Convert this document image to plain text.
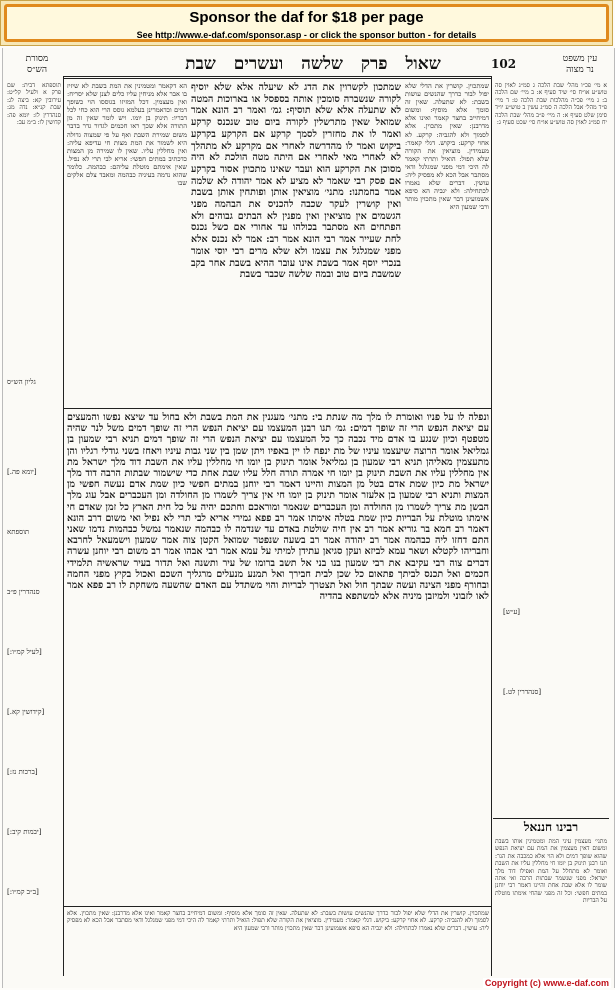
Sponsor the daf for $18 per page
See http://www.e-daf.com/sponsor.asp - or click the sponsor button - for details
מסורת הש״ס	שאול פרק שלשה ועשרים שבת	102	עין משפט
נר מצוה
א מי׳ פכ״ו מהל׳ שבת הלכה ג סמ״ג לאוין סה טוש״ע או״ח סי׳ שיד סעיף א: ב מיי׳ שם הלכה ב: ג מיי׳ פכ״ה מהלכות שבת הלכה ט: ד מיי׳ פ״ד מהל׳ אבל הלכה ה סמ״ג עשין ב טוש״ע יו״ד סימן שלט סעיף א: ה מיי׳ פ״ב מהל׳ שבת הלכה יח סמ״ג לאוין סה טוש״ע או״ח סי׳ שכט סעיף ג:
תוספתא דבית: שם פרק א ולעיל קל״ט: עירובין קא: ביצה לג: שבת קנ״א: נדה מג: סנהדרין לז: יומא פה: קדושין לו: ב״מ עב:
גליון הש״ס
[יומא פה.]
תוספתא
סנהדרין פ״ב
[לעיל קמ״ו:]
[קידושין קא.]
[ברכות נז:]
[יבמות קיב:]
[ב״ב קמ״ו:]
[ע״ש]
[סנהדרין לט.]
הא דקאמר ומטמינין את המת בשבת לא שיזיז בו אבר אלא מניחין עליו כלים לצנן שלא יסריח: ואין מעצמין. דכל המזיזו בגוססו הוי כשופך דמים וכדאמרינן בעלמא גוסס הרי הוא כחי לכל דבריו: תינוק בן יומו. ויש לומר שאין זה מן התורה אלא שכך ראו חכמים לגדור גדר בדבר משום שמירת השבת ואף על פי שמצוה גדולה היא לשמור את המת מצות חי עדיפא עליה: ואין מחללין עליו. שאין לו שמירה מן המצות כדכתיב במתים חפשי: אריא לבי תרי לא נפיל. שאין אימתם מוטלת עליהם: כבהמה. כלומר שהוא נדמה בעיניה כבהמה ומאבד צלם אלקים שבו
שמתכון לקשרוין את הדג לא שיעלה אלא שלא יוסיף לקורה שנשברה סומכין אותה בספסל או בארוכות המטה לא שתעלה אלא שלא תוסיף: גמ׳ ואמר רב הונא אמר שמואל שאין מתרשלין לקורה ביום טוב שנכנס קרקע ואמר לו את מחזרין לסמך קרקע אם הקרקע בקרקע ביקוש ואמר לו מהדרשה לאחרי אם מקרקע לא מתהלך לא לאחרי מאי לאחרי אם היתה מטה הולכת לא היה מסוכן את הקרקע הוא ועבר שאינו מתכוין אסור בקרקע אם פסק רבי שאמר לא מציע לא אמר יהודה לא שלמה אמר בחמתנו: מתני׳ מוציאין אותן ופותחין אותן בשבת ואין קושרין לעקר שכבה להכניס את הבהמה מפני הגשמים אין מוציאין ואין מפנין לא הבתים גבוהים ולא הפתחים הא מסתבר בכולהו עד אחורי אם כשל נכנס לחת שעייר אמר רבי הונא אמר רב: אמר לא נכנס אלא מפני שמגלגל את עצמו ולא שלא מרים רבי יוסי אומר בנכרי יוסף אמר בשבת אינו עובר ההיא בשבת אחר בקב שמשבת ביום טוב ובמה שלשה שכבר בשבת
שמתכוין. קושרין את הדלי שלא יפול לבור כדרך שהנשים עושות בשבת: לא שתעלה. שאין זה סומך אלא מוסיף: ומשום דמיחייב בחצר קאמר ואינו אלא מדרבנן: שאין מתכוין. אלא לסמוך ולא להגביה: קרקע. לא אחוי קרקע: ביקוש. דגלי קאמר: מעמידין. מוציאין את הקורה שלא תפול: הואיל ותרתי קאמר לה היכי דמי מפני שמגלגל ודאי מסתבר אבל הכא לא מפסיק ליה: עושין. דברים שלא נאמרו לכתחילה: ולא יגביה הא סיפא אשמועינן דבר שאין מתכוין מותר ורבי שמעון היא
ונפלה לו על פניו ואומרת לו מלך מה שנתת בי: מתני׳ מעגנין את המת בשבת ולא בחול עד שיצא נפשו והמעצים עם יציאת הנפש הרי זה שופך דמים: גמ׳ תנו רבנן המעצמו עם יציאת הנפש הרי זה שופך דמים משל לנר שהיה מטפטף וכיון שנגע בו אדם מיד נכבה כך כל המעצמו עם יציאת הנפש הרי זה שופך דמים תניא רבי שמעון בן גמליאל אומר הרוצה שיעצמו עיניו של מת ינפח לו יין באפיו ויתן שמן בין שני גבות עיניו ויאחז בשני גודלי רגליו והן מתעצמין מאליהן תניא רבי שמעון בן גמליאל אומר תינוק בן יומו חי מחללין עליו את השבת דוד מלך ישראל מת אין מחללין עליו את השבת תינוק בן יומו חי אמרה תורה חלל עליו שבת אחת כדי שישמור שבתות הרבה דוד מלך ישראל מת כיון שמת אדם בטל מן המצות והיינו דאמר רבי יוחנן במתים חפשי כיון שמת אדם נעשה חפשי מן המצות ותניא רבי שמעון בן אלעזר אומר תינוק בן יומו חי אין צריך לשמרו מן החולדה ומן העכברים אבל עוג מלך הבשן מת צריך לשמרו מן החולדה ומן העכברים שנאמר ומוראכם וחתכם יהיה על כל חית הארץ כל זמן שאדם חי אימתו מוטלת על הבריות כיון שמת בטלה אימתו אמר רב פפא גמירי אריא לבי תרי לא נפיל ואי משום דרב הונא דאמר רב חמא בר גוריא אמר רב אין חיה שולטת באדם עד שנדמה לו כבהמה שנאמר נמשל כבהמות נדמו שאני התם דחזו ליה כבהמה אמר רב יהודה אמר רב בשעה שנפטר שמואל הקטן צוה אמר שמעון וישמעאל לחרבא וחבריהו לקטלא ושאר עמא לביזא ועקן סגיאן עתידן למיתי על עמא אמר רבי אבהו אמר רב משום רבי יוחנן עשרה דברים צוה רבי עקיבא את רבי שמעון בנו בני אל תשב ברומו של עיר ותשנה ואל תדור בעיר שראשיה תלמידי חכמים ואל תכנס לביתך פתאום כל שכן לבית חבירך ואל תמנע מנעלים מרגליך השכם ואכול בקיץ מפני החמה ובחורף מפני הצינה ועשה שבתך חול ואל תצטרך לבריות והוי משתדל עם האדם שהשעה משחקת לו רב פפא אמר לאו לזבוני ולמיזבן מיניה אלא למשתפא בהדיה
רבינו חננאל
מתני׳ מעצמין עיני המת ומטמינין אותו בשבת ומשום דאין מעצמין את המת עם יציאת הנפש שהוא שופך דמים ולא הוי אלא כמכבה את הנר: תנו רבנן תינוק בן יומו חי מחללין עליו את השבת ואומר לא מתחלל על המת ואפילו דוד מלך ישראל: מפני שנשמר שבתות הרבה ואי אתה שומר לו אלא שבת אחת והיינו דאמר רבי יוחנן במתים חפשי: וכל זה מפני שהחי אימתו מוטלת על הבריות
שמתכוין. קושרין את הדלי שלא יפול לבור כדרך שהנשים עושות בשבת: לא שתעלה. שאין זה סומך אלא מוסיף: ומשום דמיחייב בחצר קאמר ואינו אלא מדרבנן: שאין מתכוין. אלא לסמוך ולא להגביה: קרקע. לא אחוי קרקע: ביקוש. דגלי קאמר: מעמידין. מוציאין את הקורה שלא תפול: הואיל ותרתי קאמר לה היכי דמי מפני שמגלגל ודאי מסתבר אבל הכא לא מפסיק ליה: עושין. דברים שלא נאמרו לכתחילה: ולא יגביה הא סיפא אשמועינן דבר שאין מתכוין מותר ורבי שמעון היא
Copyright (c) www.e-daf.com
